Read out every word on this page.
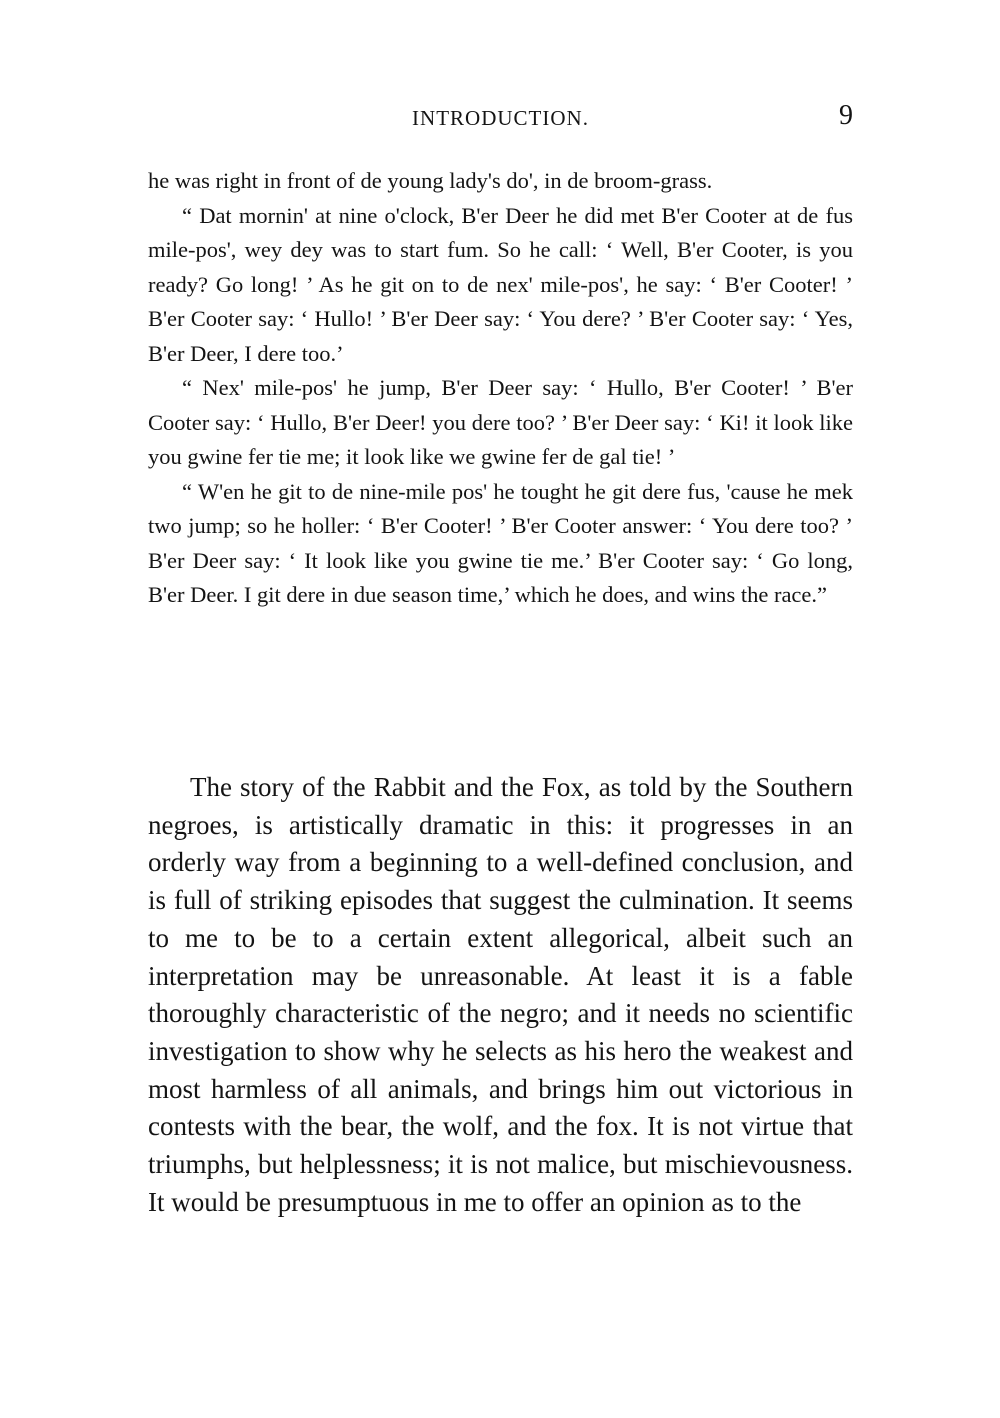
INTRODUCTION.	9

he was right in front of de young lady's do', in de broom-grass.

“ Dat mornin' at nine o'clock, B'er Deer he did met B'er Cooter at de fus mile-pos', wey dey was to start fum. So he call: ‘ Well, B'er Cooter, is you ready? Go long! ’ As he git on to de nex' mile-pos', he say: ‘ B'er Cooter! ’ B'er Cooter say: ‘ Hullo! ’ B'er Deer say: ‘ You dere? ’ B'er Cooter say: ‘ Yes, B'er Deer, I dere too.’

“ Nex' mile-pos' he jump, B'er Deer say: ‘ Hullo, B'er Cooter! ’ B'er Cooter say: ‘ Hullo, B'er Deer! you dere too? ’ B'er Deer say: ‘ Ki! it look like you gwine fer tie me; it look like we gwine fer de gal tie! ’

“ W'en he git to de nine-mile pos' he tought he git dere fus, 'cause he mek two jump; so he holler: ‘ B'er Cooter! ’ B'er Cooter answer: ‘ You dere too? ’ B'er Deer say: ‘ It look like you gwine tie me.’ B'er Cooter say: ‘ Go long, B'er Deer. I git dere in due season time,’ which he does, and wins the race.”

The story of the Rabbit and the Fox, as told by the Southern negroes, is artistically dramatic in this: it progresses in an orderly way from a beginning to a well-defined conclusion, and is full of striking episodes that suggest the culmination. It seems to me to be to a certain extent allegorical, albeit such an interpretation may be unreasonable. At least it is a fable thoroughly characteristic of the negro; and it needs no scientific investigation to show why he selects as his hero the weakest and most harmless of all animals, and brings him out victorious in contests with the bear, the wolf, and the fox. It is not virtue that triumphs, but helplessness; it is not malice, but mischievousness. It would be presumptuous in me to offer an opinion as to the
